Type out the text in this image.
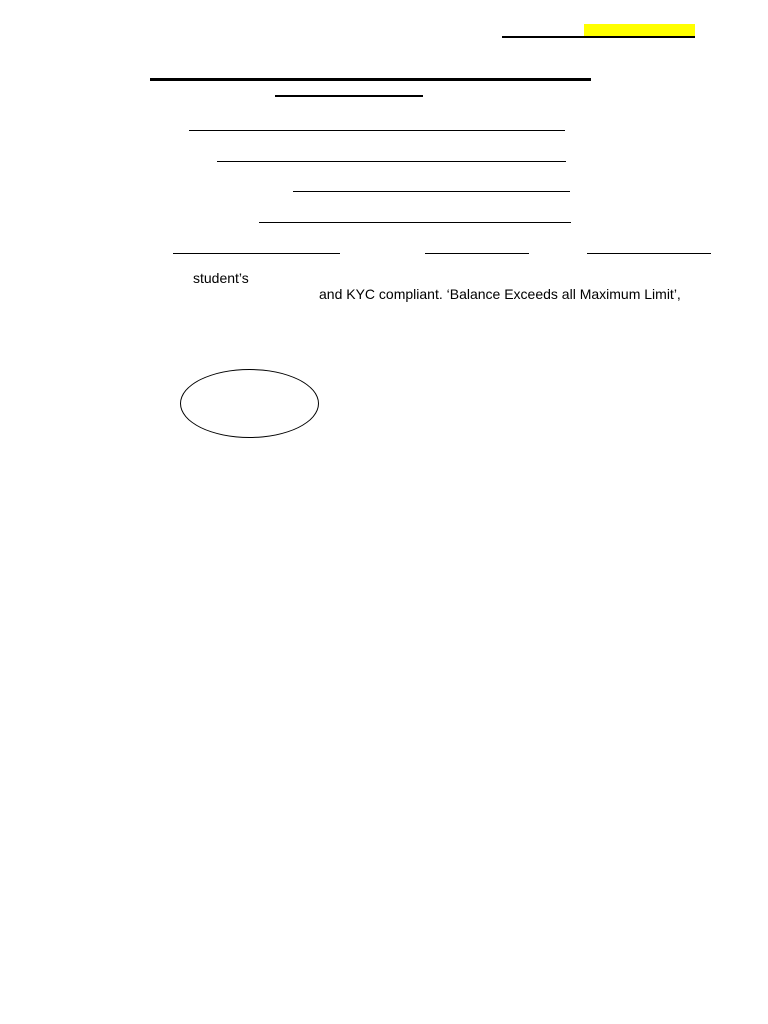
student’s
and KYC compliant. ‘Balance Exceeds all Maximum Limit’,
